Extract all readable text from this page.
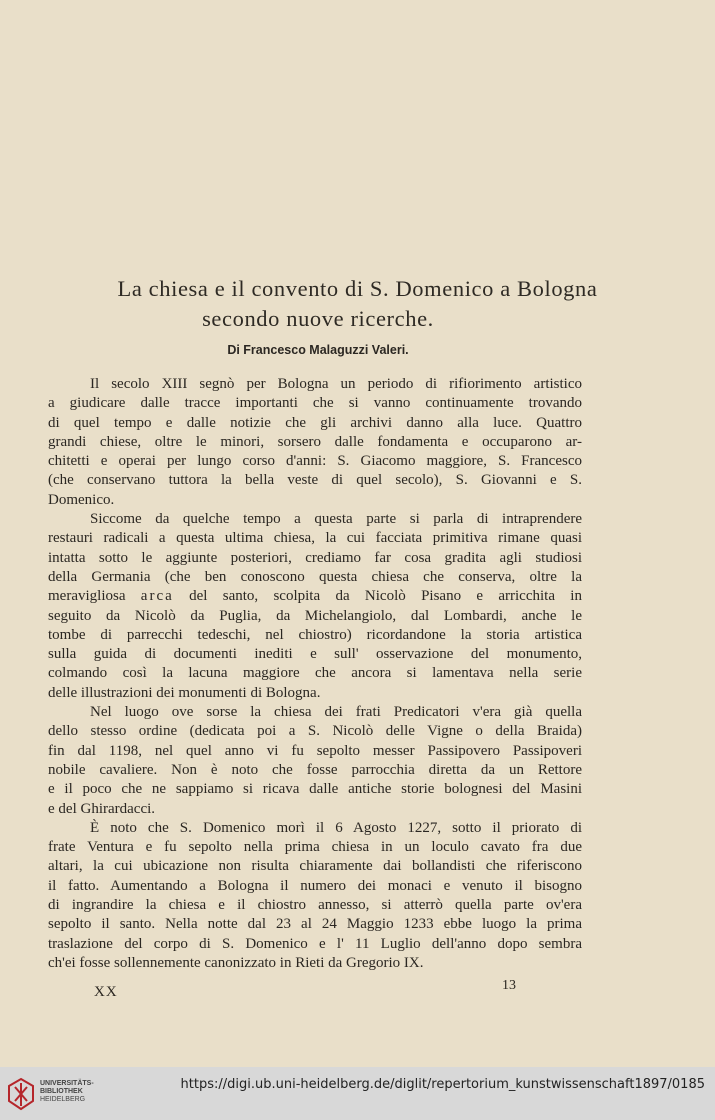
La chiesa e il convento di S. Domenico a Bologna
secondo nuove ricerche.
Di Francesco Malaguzzi Valeri.
Il secolo XIII segnò per Bologna un periodo di rifiorimento artistico
a giudicare dalle tracce importanti che si vanno continuamente trovando
di quel tempo e dalle notizie che gli archivi danno alla luce. Quattro
grandi chiese, oltre le minori, sorsero dalle fondamenta e occuparono ar-
chitetti e operai per lungo corso d'anni: S. Giacomo maggiore, S. Francesco
(che conservano tuttora la bella veste di quel secolo), S. Giovanni e S.
Domenico.
Siccome da quelche tempo a questa parte si parla di intraprendere
restauri radicali a questa ultima chiesa, la cui facciata primitiva rimane quasi
intatta sotto le aggiunte posteriori, crediamo far cosa gradita agli studiosi
della Germania (che ben conoscono questa chiesa che conserva, oltre la
meravigliosa arca del santo, scolpita da Nicolò Pisano e arricchita in
seguito da Nicolò da Puglia, da Michelangiolo, dal Lombardi, anche le
tombe di parrecchi tedeschi, nel chiostro) ricordandone la storia artistica
sulla guida di documenti inediti e sull' osservazione del monumento,
colmando così la lacuna maggiore che ancora si lamentava nella serie
delle illustrazioni dei monumenti di Bologna.
Nel luogo ove sorse la chiesa dei frati Predicatori v'era già quella
dello stesso ordine (dedicata poi a S. Nicolò delle Vigne o della Braida)
fin dal 1198, nel quel anno vi fu sepolto messer Passipovero Passipoveri
nobile cavaliere. Non è noto che fosse parrocchia diretta da un Rettore
e il poco che ne sappiamo si ricava dalle antiche storie bolognesi del Masini
e del Ghirardacci.
È noto che S. Domenico morì il 6 Agosto 1227, sotto il priorato di
frate Ventura e fu sepolto nella prima chiesa in un loculo cavato fra due
altari, la cui ubicazione non risulta chiaramente dai bollandisti che riferiscono
il fatto. Aumentando a Bologna il numero dei monaci e venuto il bisogno
di ingrandire la chiesa e il chiostro annesso, si atterrò quella parte ov'era
sepolto il santo. Nella notte dal 23 al 24 Maggio 1233 ebbe luogo la prima
traslazione del corpo di S. Domenico e l' 11 Luglio dell'anno dopo sembra
ch'ei fosse sollennemente canonizzato in Rieti da Gregorio IX.
XX	13
UNIVERSITÄTS-
BIBLIOTHEK
HEIDELBERG
https://digi.ub.uni-heidelberg.de/diglit/repertorium_kunstwissenschaft1897/0185
